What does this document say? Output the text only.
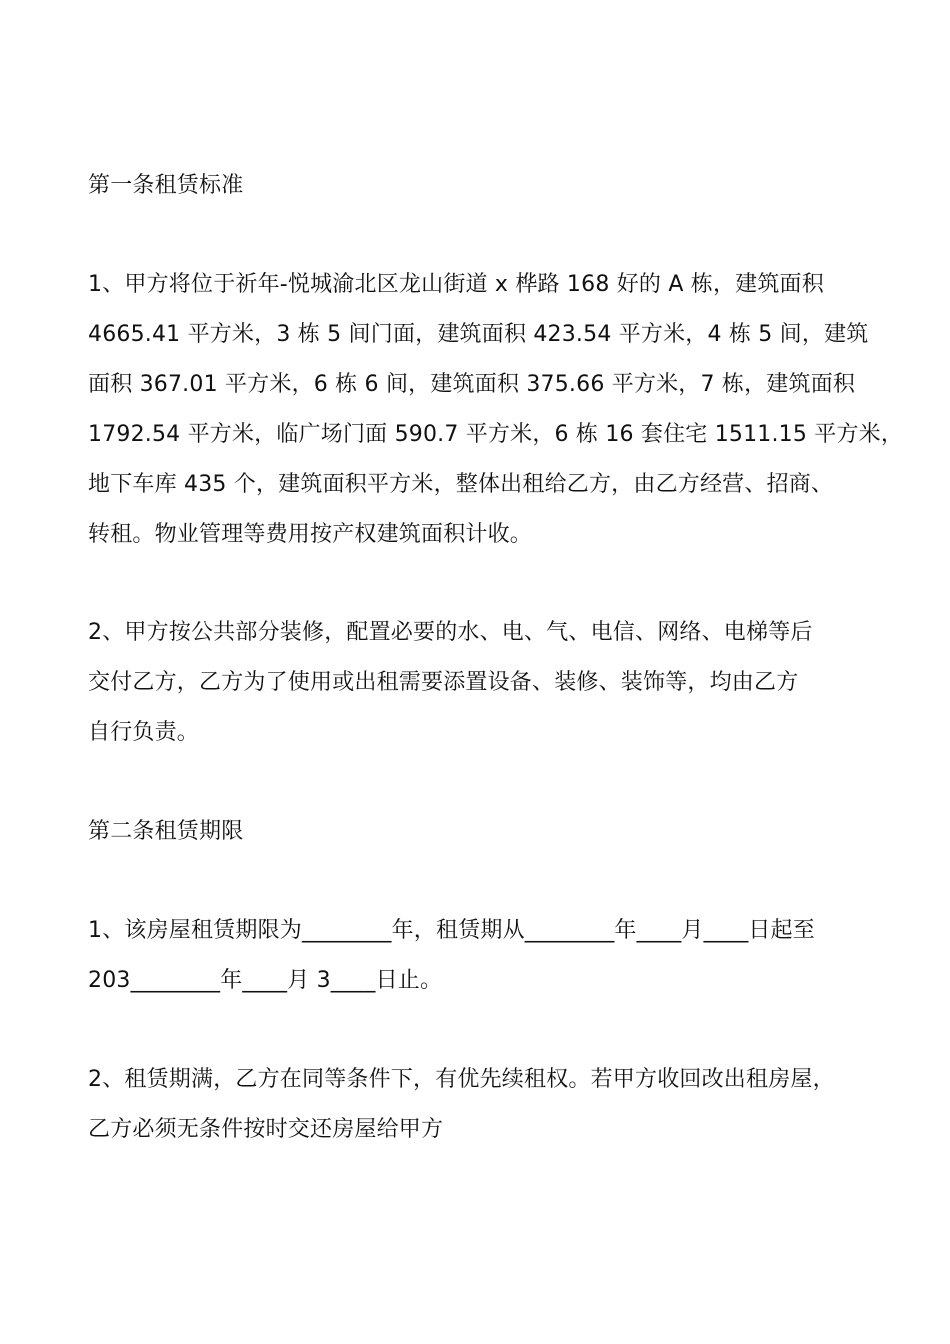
第一条租赁标准

1、甲方将位于祈年-悦城渝北区龙山街道 x 桦路 168 好的 A 栋，建筑面积
4665.41 平方米，3 栋 5 间门面，建筑面积 423.54 平方米，4 栋 5 间，建筑
面积 367.01 平方米，6 栋 6 间，建筑面积 375.66 平方米，7 栋，建筑面积
1792.54 平方米，临广场门面 590.7 平方米，6 栋 16 套住宅 1511.15 平方米，
地下车库 435 个，建筑面积平方米，整体出租给乙方，由乙方经营、招商、
转租。物业管理等费用按产权建筑面积计收。

2、甲方按公共部分装修，配置必要的水、电、气、电信、网络、电梯等后
交付乙方，乙方为了使用或出租需要添置设备、装修、装饰等，均由乙方
自行负责。

第二条租赁期限

1、该房屋租赁期限为________年，租赁期从________年____月____日起至
203________年____月 3____日止。

2、租赁期满，乙方在同等条件下，有优先续租权。若甲方收回改出租房屋，
乙方必须无条件按时交还房屋给甲方
